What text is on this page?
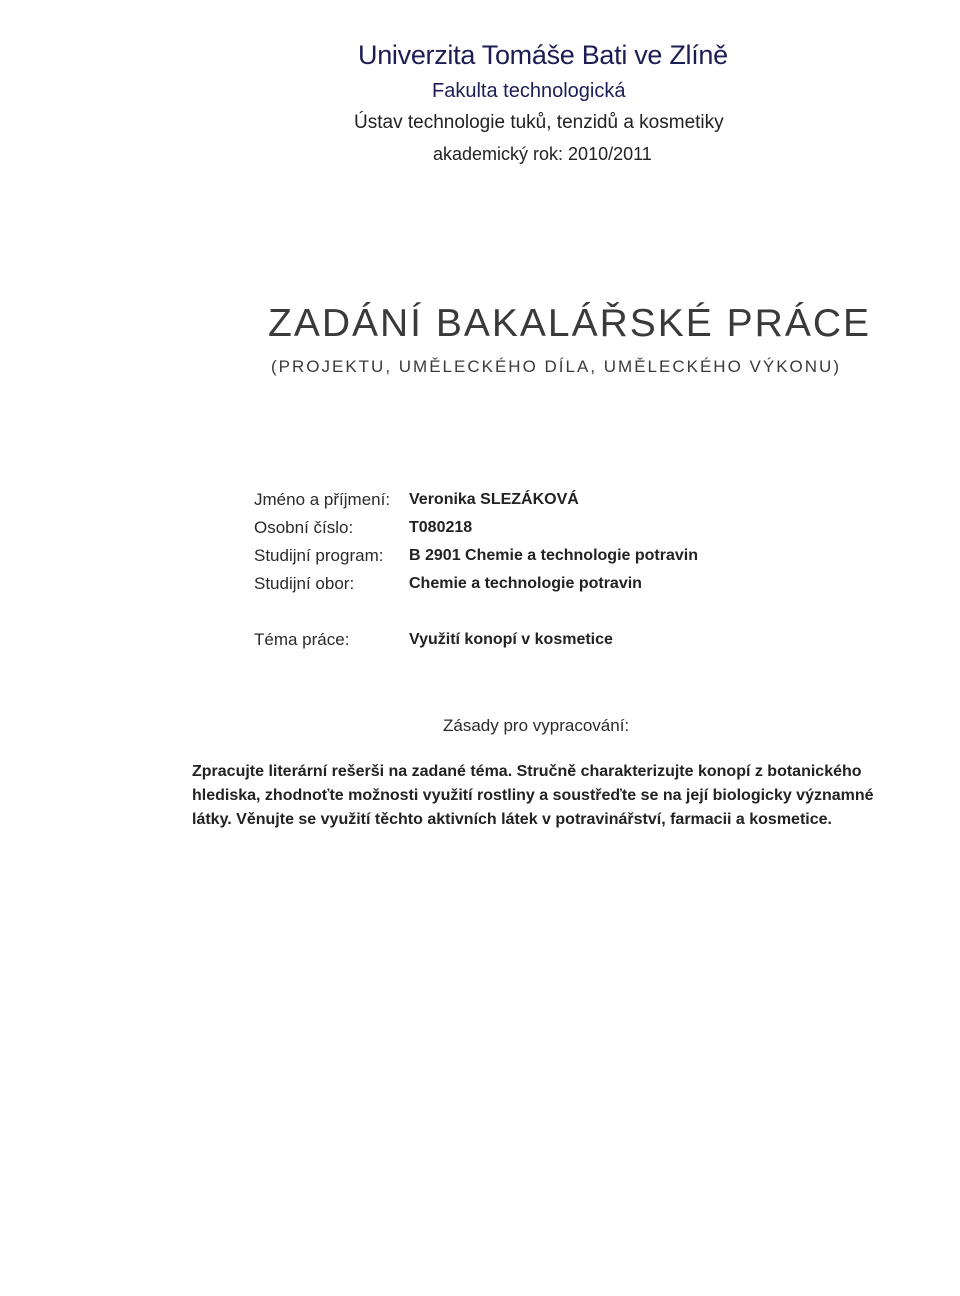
Univerzita Tomáše Bati ve Zlíně
Fakulta technologická
Ústav technologie tuků, tenzidů a kosmetiky
akademický rok: 2010/2011
ZADÁNÍ BAKALÁŘSKÉ PRÁCE
(PROJEKTU, UMĚLECKÉHO DÍLA, UMĚLECKÉHO VÝKONU)
Jméno a příjmení: Veronika SLEZÁKOVÁ
Osobní číslo:	T080218
Studijní program: B 2901 Chemie a technologie potravin
Studijní obor:	Chemie a technologie potravin
Téma práce:	Využití konopí v kosmetice
Zásady pro vypracování:
Zpracujte literární rešerši na zadané téma. Stručně charakterizujte konopí z botanického hlediska, zhodnoťte možnosti využití rostliny a soustřeďte se na její biologicky významné látky. Věnujte se využití těchto aktivních látek v potravinářství, farmacii a kosmetice.
